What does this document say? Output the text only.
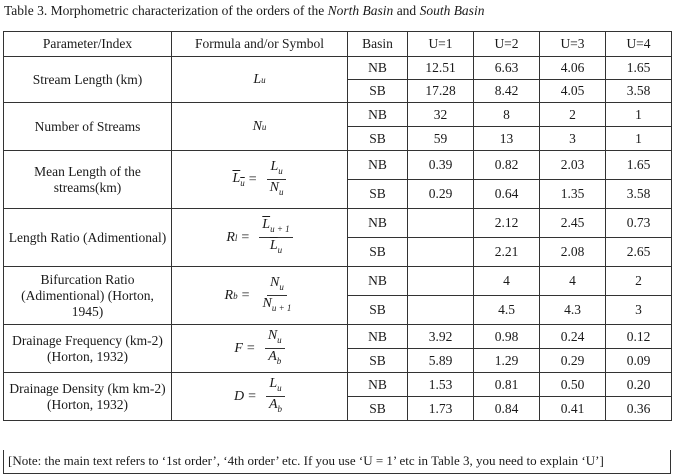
Table 3. Morphometric characterization of the orders of the North Basin and South Basin
Parameter/Index	Formula and/or Symbol	Basin	U=1	U=2	U=3	U=4
Stream Length (km)	L u	NB	12.51	6.63	4.06	1.65
		SB	17.28	8.42	4.05	3.58
Number of Streams	N u	NB	32	8	2	1
		SB	59	13	3	1
Mean Length of the streams(km)	$L_u = \frac{L_u}{N_u}$	NB	0.39	0.82	2.03	1.65
		SB	0.29	0.64	1.35	3.58
Length Ratio (Adimentional)	R $l = \frac{\overline{L}_{u + 1}}{\overline{L}_u}$	NB		2.12	2.45	0.73
		SB		2.21	2.08	2.65
Bifurcation Ratio (Adimentional) (Horton, 1945)	R $b = \frac{N_u}{N_{u + 1}}$	NB		4	4	2
		SB		4.5	4.3	3
Drainage Frequency (km-2) (Horton, 1932)	$F = \frac{N_u}{A_b}$	NB	3.92	0.98	0.24	0.12
		SB	5.89	1.29	0.29	0.09
Drainage Density (km km-2) (Horton, 1932)	$D = \frac{L_u}{A_b}$	NB	1.53	0.81	0.50	0.20
		SB	1.73	0.84	0.41	0.36
[Note: the main text refers to ‘1st order’, ‘4th order’ etc. If you use ‘U = 1’ etc in Table 3, you need to explain ‘U’]
